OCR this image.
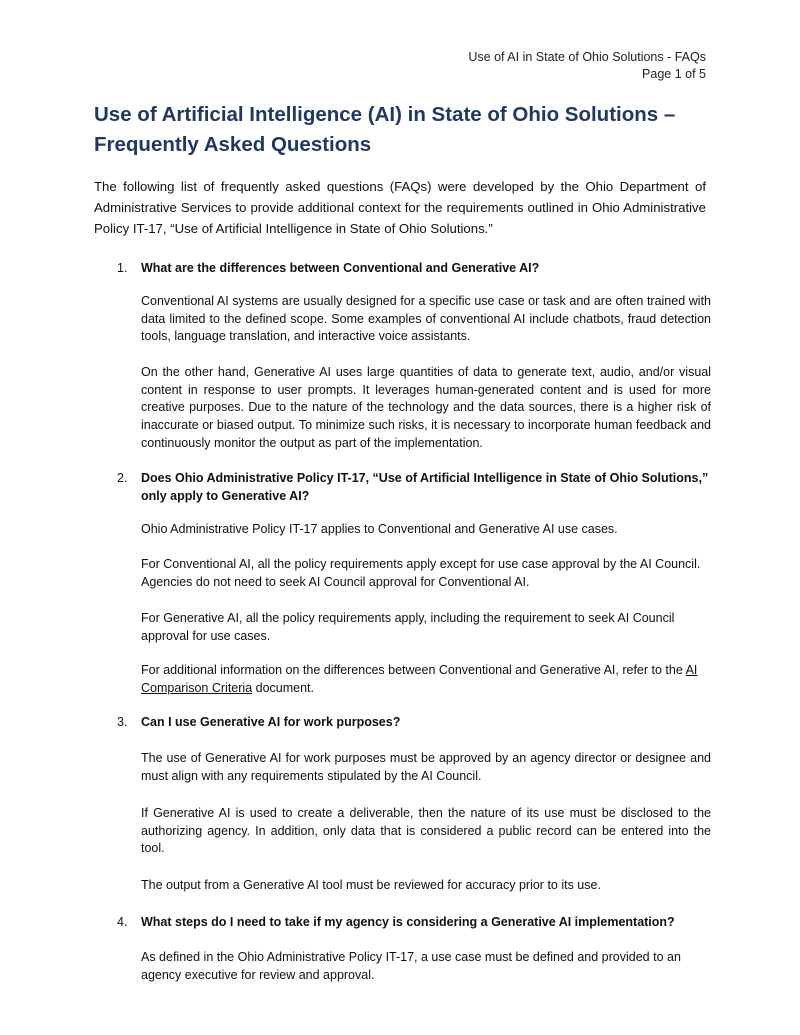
Use of AI in State of Ohio Solutions - FAQs
Page 1 of 5
Use of Artificial Intelligence (AI) in State of Ohio Solutions –
Frequently Asked Questions

The following list of frequently asked questions (FAQs) were developed by the Ohio Department of Administrative Services to provide additional context for the requirements outlined in Ohio Administrative Policy IT-17, “Use of Artificial Intelligence in State of Ohio Solutions.”

1. What are the differences between Conventional and Generative AI?

Conventional AI systems are usually designed for a specific use case or task and are often trained with data limited to the defined scope. Some examples of conventional AI include chatbots, fraud detection tools, language translation, and interactive voice assistants.

On the other hand, Generative AI uses large quantities of data to generate text, audio, and/or visual content in response to user prompts. It leverages human-generated content and is used for more creative purposes. Due to the nature of the technology and the data sources, there is a higher risk of inaccurate or biased output. To minimize such risks, it is necessary to incorporate human feedback and continuously monitor the output as part of the implementation.

2. Does Ohio Administrative Policy IT-17, “Use of Artificial Intelligence in State of Ohio Solutions,” only apply to Generative AI?

Ohio Administrative Policy IT-17 applies to Conventional and Generative AI use cases.

For Conventional AI, all the policy requirements apply except for use case approval by the AI Council. Agencies do not need to seek AI Council approval for Conventional AI.

For Generative AI, all the policy requirements apply, including the requirement to seek AI Council approval for use cases.

For additional information on the differences between Conventional and Generative AI, refer to the AI Comparison Criteria document.

3. Can I use Generative AI for work purposes?

The use of Generative AI for work purposes must be approved by an agency director or designee and must align with any requirements stipulated by the AI Council.

If Generative AI is used to create a deliverable, then the nature of its use must be disclosed to the authorizing agency. In addition, only data that is considered a public record can be entered into the tool.

The output from a Generative AI tool must be reviewed for accuracy prior to its use.

4. What steps do I need to take if my agency is considering a Generative AI implementation?

As defined in the Ohio Administrative Policy IT-17, a use case must be defined and provided to an agency executive for review and approval.
